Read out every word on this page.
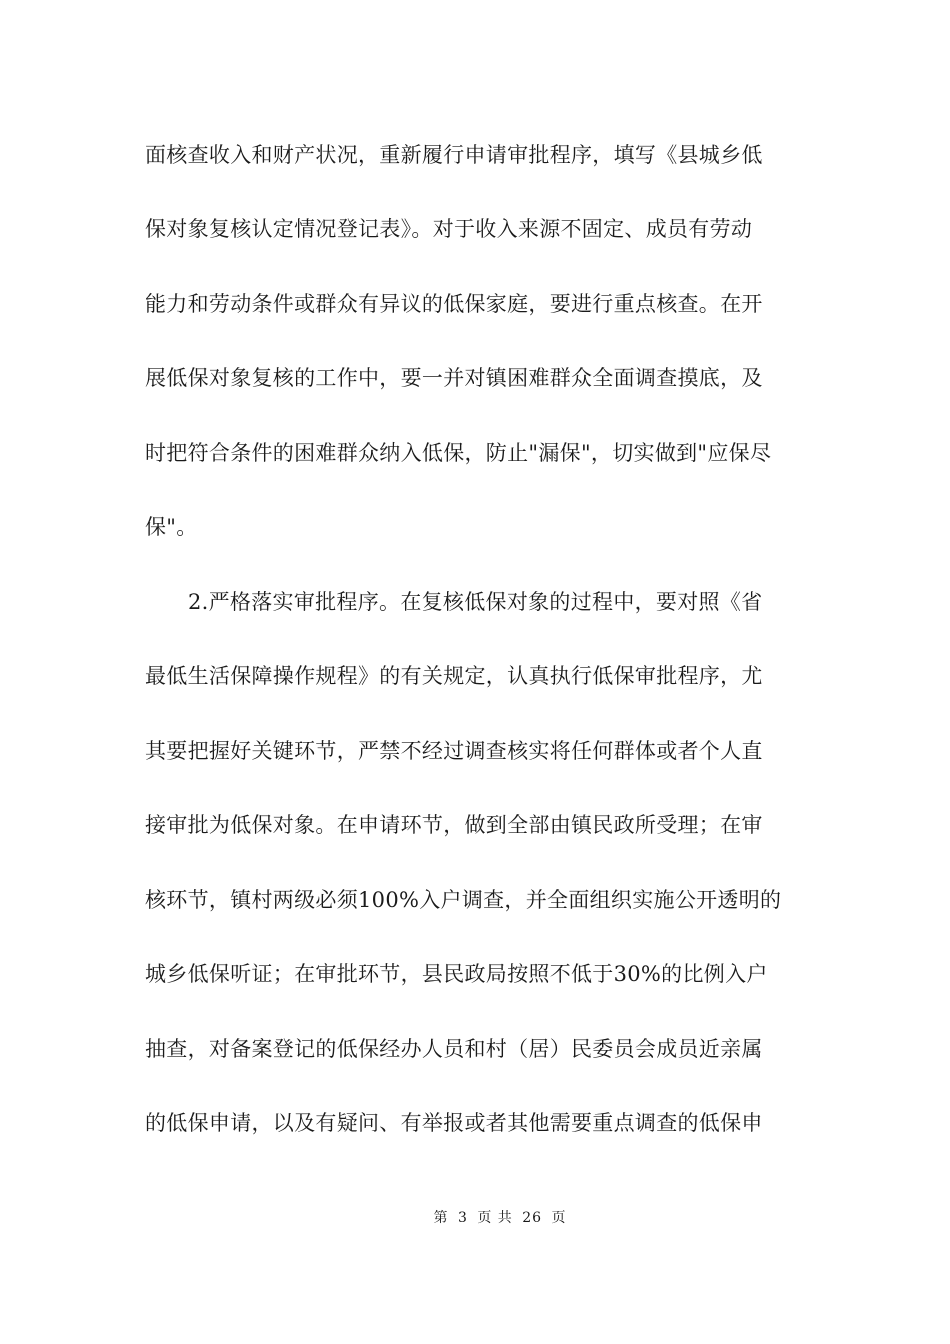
面核查收入和财产状况，重新履行申请审批程序，填写《县城乡低
保对象复核认定情况登记表》。对于收入来源不固定、成员有劳动
能力和劳动条件或群众有异议的低保家庭，要进行重点核查。在开
展低保对象复核的工作中，要一并对镇困难群众全面调查摸底，及
时把符合条件的困难群众纳入低保，防止"漏保"，切实做到"应保尽
保"。
2.严格落实审批程序。在复核低保对象的过程中，要对照《省
最低生活保障操作规程》的有关规定，认真执行低保审批程序，尤
其要把握好关键环节，严禁不经过调查核实将任何群体或者个人直
接审批为低保对象。在申请环节，做到全部由镇民政所受理；在审
核环节，镇村两级必须100%入户调查，并全面组织实施公开透明的
城乡低保听证；在审批环节，县民政局按照不低于30%的比例入户
抽查，对备案登记的低保经办人员和村（居）民委员会成员近亲属
的低保申请，以及有疑问、有举报或者其他需要重点调查的低保申
第 3 页 共 26 页
